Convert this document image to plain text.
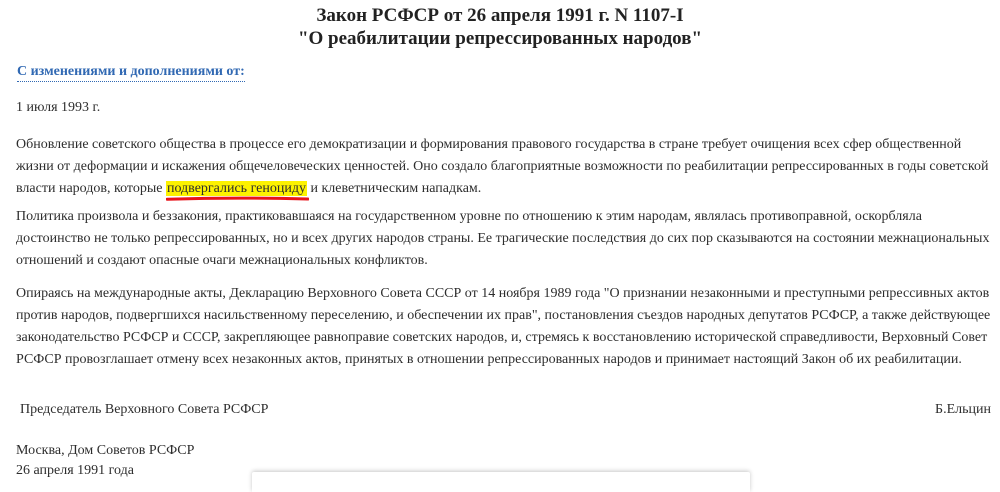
Закон РСФСР от 26 апреля 1991 г. N 1107-I
"О реабилитации репрессированных народов"
С изменениями и дополнениями от:

1 июля 1993 г.

Обновление советского общества в процессе его демократизации и формирования правового государства в стране требует очищения всех сфер общественной жизни от деформации и искажения общечеловеческих ценностей. Оно создало благоприятные возможности по реабилитации репрессированных в годы советской власти народов, которые подвергались геноциду
и клеветническим нападкам.

Политика произвола и беззакония, практиковавшаяся на государственном уровне по отношению к этим народам, являлась противоправной, оскорбляла достоинство не только репрессированных, но и всех других народов страны. Ее трагические последствия до сих пор сказываются на состоянии межнациональных отношений и создают опасные очаги межнациональных конфликтов.

Опираясь на международные акты, Декларацию Верховного Совета СССР от 14 ноября 1989 года "О признании незаконными и преступными репрессивных актов против народов, подвергшихся насильственному переселению, и обеспечении их прав", постановления съездов народных депутатов РСФСР, а также действующее законодательство РСФСР и СССР, закрепляющее равноправие советских народов, и, стремясь к восстановлению исторической справедливости, Верховный Совет РСФСР провозглашает отмену всех незаконных актов, принятых в отношении репрессированных народов и принимает настоящий Закон об их реабилитации.

Председатель Верховного Совета РСФСР	Б.Ельцин
Москва, Дом Советов РСФСР
26 апреля 1991 года
